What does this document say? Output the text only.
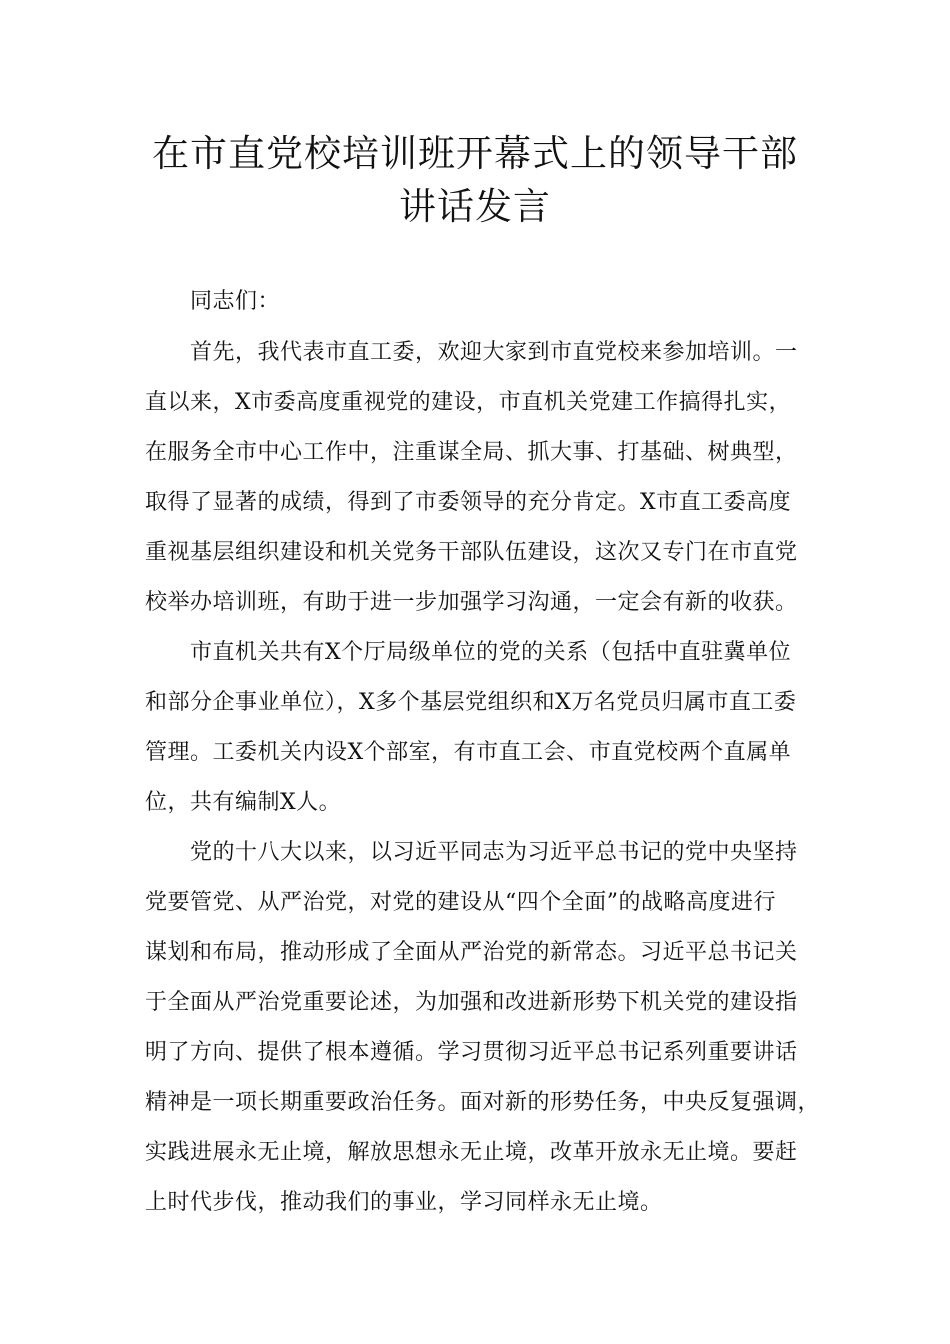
在市直党校培训班开幕式上的领导干部
讲话发言
同志们：
首先，我代表市直工委，欢迎大家到市直党校来参加培训。一
直以来，X市委高度重视党的建设，市直机关党建工作搞得扎实，
在服务全市中心工作中，注重谋全局、抓大事、打基础、树典型，
取得了显著的成绩，得到了市委领导的充分肯定。X市直工委高度
重视基层组织建设和机关党务干部队伍建设，这次又专门在市直党
校举办培训班，有助于进一步加强学习沟通，一定会有新的收获。
市直机关共有X个厅局级单位的党的关系（包括中直驻冀单位
和部分企事业单位），X多个基层党组织和X万名党员归属市直工委
管理。工委机关内设X个部室，有市直工会、市直党校两个直属单
位，共有编制X人。
党的十八大以来，以习近平同志为习近平总书记的党中央坚持
党要管党、从严治党，对党的建设从“四个全面”的战略高度进行
谋划和布局，推动形成了全面从严治党的新常态。习近平总书记关
于全面从严治党重要论述，为加强和改进新形势下机关党的建设指
明了方向、提供了根本遵循。学习贯彻习近平总书记系列重要讲话
精神是一项长期重要政治任务。面对新的形势任务，中央反复强调，
实践进展永无止境，解放思想永无止境，改革开放永无止境。要赶
上时代步伐，推动我们的事业，学习同样永无止境。
